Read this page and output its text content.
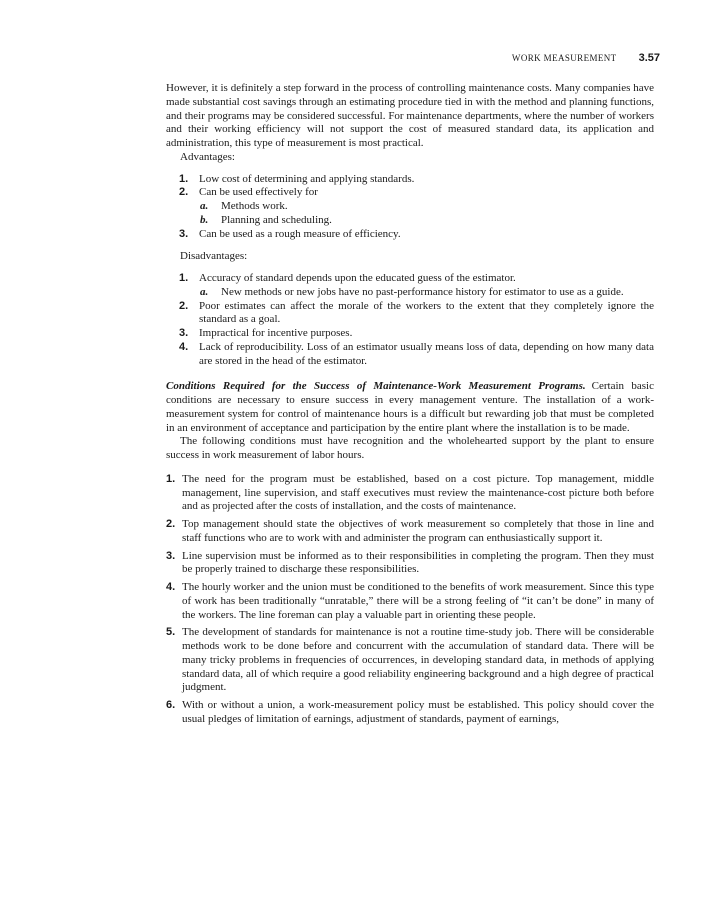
WORK MEASUREMENT 3.57

However, it is definitely a step forward in the process of controlling maintenance costs. Many companies have made substantial cost savings through an estimating procedure tied in with the method and planning functions, and their programs may be considered successful. For maintenance departments, where the number of workers and their working efficiency will not support the cost of measured standard data, its application and administration, this type of measurement is most practical.

Advantages:

1. Low cost of determining and applying standards.
2. Can be used effectively for
a. Methods work.
b. Planning and scheduling.
3. Can be used as a rough measure of efficiency.

Disadvantages:

1. Accuracy of standard depends upon the educated guess of the estimator.
a. New methods or new jobs have no past-performance history for estimator to use as a guide.
2. Poor estimates can affect the morale of the workers to the extent that they completely ignore the standard as a goal.
3. Impractical for incentive purposes.
4. Lack of reproducibility. Loss of an estimator usually means loss of data, depending on how many data are stored in the head of the estimator.

Conditions Required for the Success of Maintenance-Work Measurement Programs. Certain basic conditions are necessary to ensure success in every management venture. The installation of a work-measurement system for control of maintenance hours is a difficult but rewarding job that must be completed in an environment of acceptance and participation by the entire plant where the installation is to be made.

The following conditions must have recognition and the wholehearted support by the plant to ensure success in work measurement of labor hours.

1. The need for the program must be established, based on a cost picture. Top management, middle management, line supervision, and staff executives must review the maintenance-cost picture both before and as projected after the costs of installation, and the costs of maintenance.
2. Top management should state the objectives of work measurement so completely that those in line and staff functions who are to work with and administer the program can enthusiastically support it.
3. Line supervision must be informed as to their responsibilities in completing the program. Then they must be properly trained to discharge these responsibilities.
4. The hourly worker and the union must be conditioned to the benefits of work measurement. Since this type of work has been traditionally “unratable,” there will be a strong feeling of “it can’t be done” in many of the workers. The line foreman can play a valuable part in orienting these people.
5. The development of standards for maintenance is not a routine time-study job. There will be considerable methods work to be done before and concurrent with the accumulation of standard data. There will be many tricky problems in frequencies of occurrences, in developing standard data, in methods of applying standard data, all of which require a good reliability engineering background and a high degree of practical judgment.
6. With or without a union, a work-measurement policy must be established. This policy should cover the usual pledges of limitation of earnings, adjustment of standards, payment of earnings,
